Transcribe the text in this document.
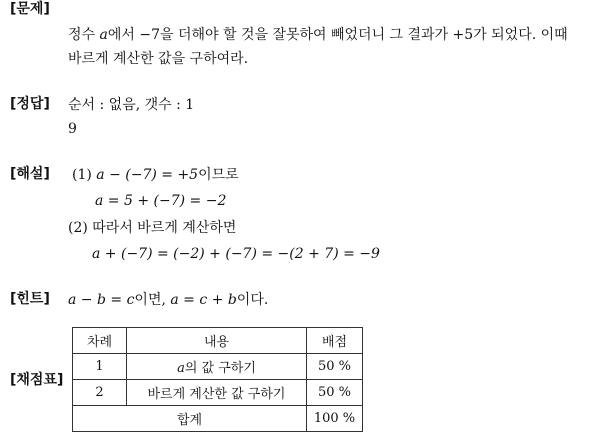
[문제]
정수 a에서 −7을 더해야 할 것을 잘못하여 빼었더니 그 결과가 +5가 되었다. 이때
바르게 계산한 값을 구하여라.
[정답] 순서 : 없음, 갯수 : 1
9
[해설] (1) a − (−7) = +5이므로
a = 5 + (−7) = −2
(2) 따라서 바르게 계산하면
a + (−7) = (−2) + (−7) = −(2 + 7) = −9
[힌트] a − b = c이면, a = c + b이다.
[채점표]
차례	내용	배점
1	a의 값 구하기	50 %
2	바르게 계산한 값 구하기	50 %
합계		100 %
